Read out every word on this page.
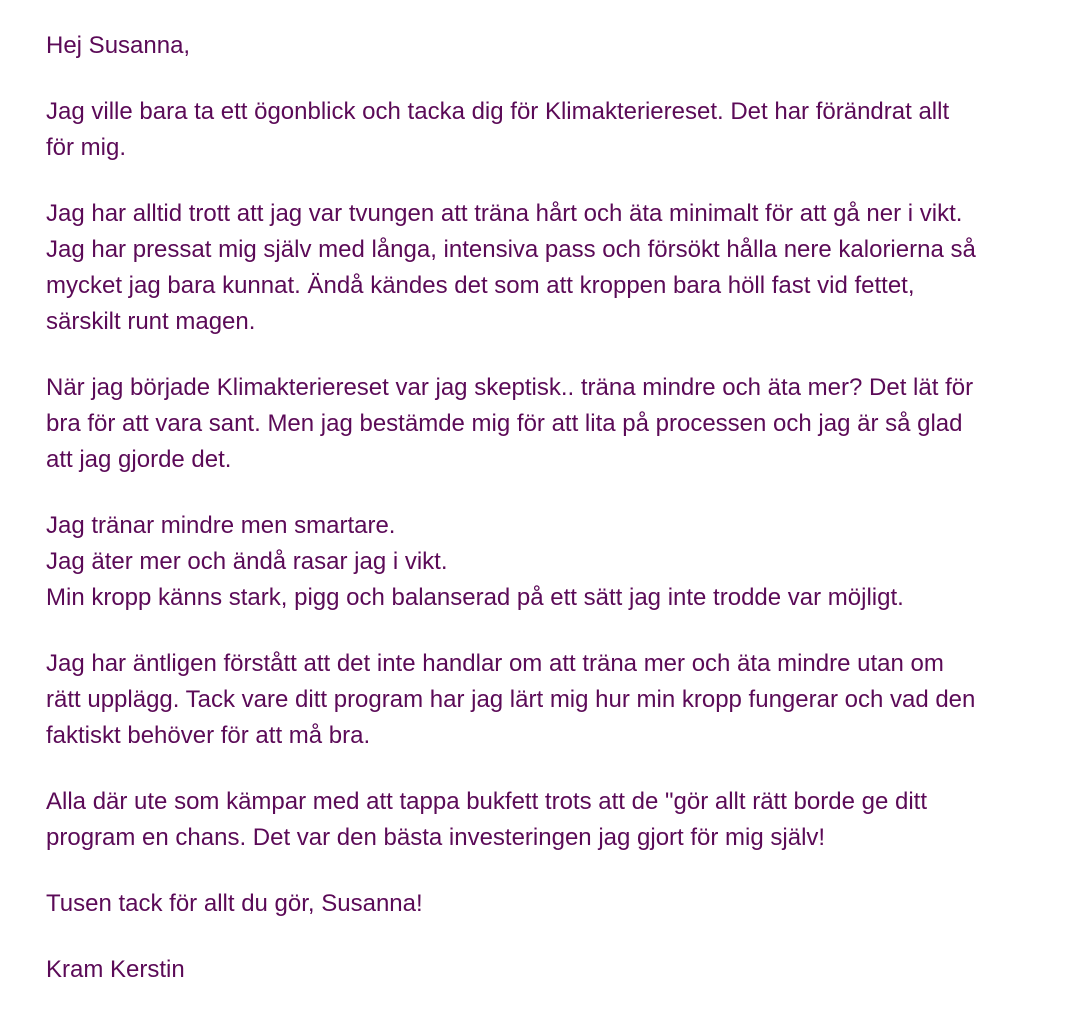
Hej Susanna,

Jag ville bara ta ett ögonblick och tacka dig för Klimakteriereset. Det har förändrat allt
för mig.

Jag har alltid trott att jag var tvungen att träna hårt och äta minimalt för att gå ner i vikt.
Jag har pressat mig själv med långa, intensiva pass och försökt hålla nere kalorierna så
mycket jag bara kunnat. Ändå kändes det som att kroppen bara höll fast vid fettet,
särskilt runt magen.

När jag började Klimakteriereset var jag skeptisk.. träna mindre och äta mer? Det lät för
bra för att vara sant. Men jag bestämde mig för att lita på processen och jag är så glad
att jag gjorde det.

Jag tränar mindre men smartare.
Jag äter mer och ändå rasar jag i vikt.
Min kropp känns stark, pigg och balanserad på ett sätt jag inte trodde var möjligt.

Jag har äntligen förstått att det inte handlar om att träna mer och äta mindre utan om
rätt upplägg. Tack vare ditt program har jag lärt mig hur min kropp fungerar och vad den
faktiskt behöver för att må bra.

Alla där ute som kämpar med att tappa bukfett trots att de "gör allt rätt borde ge ditt
program en chans. Det var den bästa investeringen jag gjort för mig själv!

Tusen tack för allt du gör, Susanna!

Kram Kerstin
